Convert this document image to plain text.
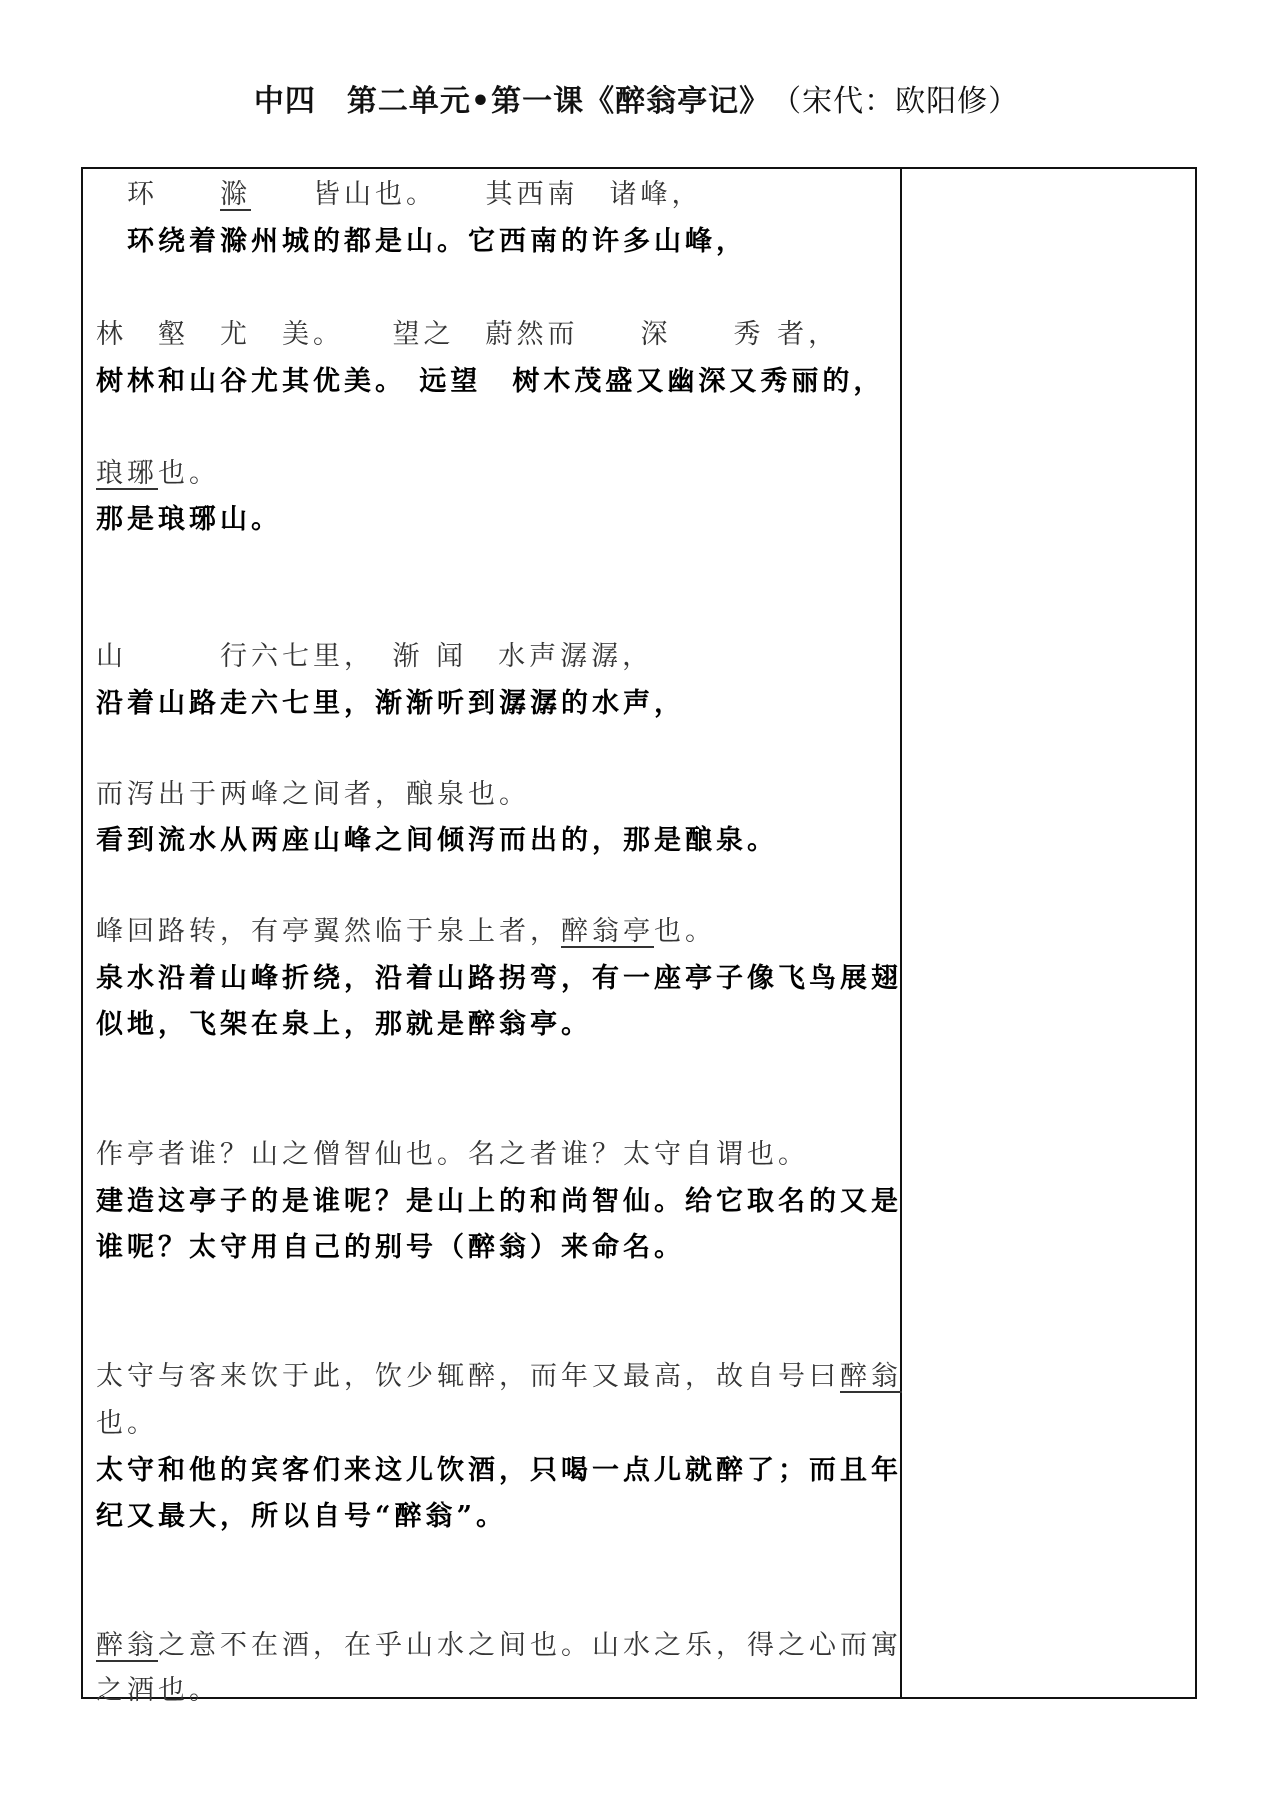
中四　第二单元•第一课《醉翁亭记》　 （宋代：欧阳修）
　环　　滁　　皆山也。　　其西南　诸峰，
　环绕着滁州城的都是山。它西南的许多山峰，
林　壑　尤　美。　　望之　蔚然而　　深　　秀 者，
树林和山谷尤其优美。 远望　树木茂盛又幽深又秀丽的，
琅琊也。
那是琅琊山。
山　　　行六七里，　渐 闻　水声潺潺，
沿着山路走六七里，渐渐听到潺潺的水声，
而泻出于两峰之间者，酿泉也。
看到流水从两座山峰之间倾泻而出的，那是酿泉。
峰回路转，有亭翼然临于泉上者，醉翁亭也。
泉水沿着山峰折绕，沿着山路拐弯，有一座亭子像飞鸟展翅
似地，飞架在泉上，那就是醉翁亭。
作亭者谁？山之僧智仙也。名之者谁？太守自谓也。
建造这亭子的是谁呢？是山上的和尚智仙。给它取名的又是
谁呢？太守用自己的别号（醉翁）来命名。
太守与客来饮于此，饮少辄醉，而年又最高，故自号曰醉翁
也。
太守和他的宾客们来这儿饮酒，只喝一点儿就醉了；而且年
纪又最大，所以自号“醉翁”。
醉翁之意不在酒，在乎山水之间也。山水之乐，得之心而寓
之酒也。
